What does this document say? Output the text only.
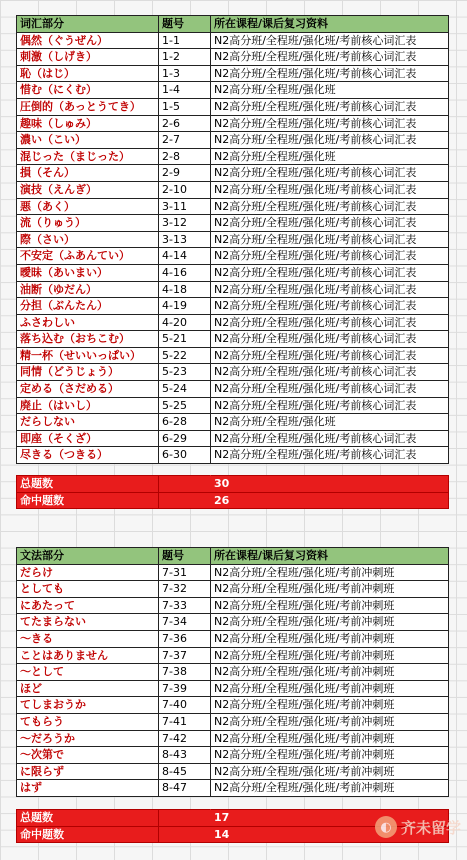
词汇部分	题号	所在课程/课后复习资料
偶然（ぐうぜん）	1-1	N2高分班/全程班/强化班/考前核心词汇表
刺激（しげき）	1-2	N2高分班/全程班/强化班/考前核心词汇表
恥（はじ）	1-3	N2高分班/全程班/强化班/考前核心词汇表
惜む（にくむ）	1-4	N2高分班/全程班/强化班
圧倒的（あっとうてき）	1-5	N2高分班/全程班/强化班/考前核心词汇表
趣味（しゅみ）	2-6	N2高分班/全程班/强化班/考前核心词汇表
濃い（こい）	2-7	N2高分班/全程班/强化班/考前核心词汇表
混じった（まじった）	2-8	N2高分班/全程班/强化班
損（そん）	2-9	N2高分班/全程班/强化班/考前核心词汇表
演技（えんぎ）	2-10	N2高分班/全程班/强化班/考前核心词汇表
悪（あく）	3-11	N2高分班/全程班/强化班/考前核心词汇表
流（りゅう）	3-12	N2高分班/全程班/强化班/考前核心词汇表
際（さい）	3-13	N2高分班/全程班/强化班/考前核心词汇表
不安定（ふあんてい）	4-14	N2高分班/全程班/强化班/考前核心词汇表
曖昧（あいまい）	4-16	N2高分班/全程班/强化班/考前核心词汇表
油断（ゆだん）	4-18	N2高分班/全程班/强化班/考前核心词汇表
分担（ぶんたん）	4-19	N2高分班/全程班/强化班/考前核心词汇表
ふさわしい	4-20	N2高分班/全程班/强化班/考前核心词汇表
落ち込む（おちこむ）	5-21	N2高分班/全程班/强化班/考前核心词汇表
精一杯（せいいっぱい）	5-22	N2高分班/全程班/强化班/考前核心词汇表
同情（どうじょう）	5-23	N2高分班/全程班/强化班/考前核心词汇表
定める（さだめる）	5-24	N2高分班/全程班/强化班/考前核心词汇表
廃止（はいし）	5-25	N2高分班/全程班/强化班/考前核心词汇表
だらしない	6-28	N2高分班/全程班/强化班
即座（そくざ）	6-29	N2高分班/全程班/强化班/考前核心词汇表
尽きる（つきる）	6-30	N2高分班/全程班/强化班/考前核心词汇表
总题数		30
命中题数		26
文法部分	题号	所在课程/课后复习资料
だらけ	7-31	N2高分班/全程班/强化班/考前冲刺班
としても	7-32	N2高分班/全程班/强化班/考前冲刺班
にあたって	7-33	N2高分班/全程班/强化班/考前冲刺班
てたまらない	7-34	N2高分班/全程班/强化班/考前冲刺班
～きる	7-36	N2高分班/全程班/强化班/考前冲刺班
ことはありません	7-37	N2高分班/全程班/强化班/考前冲刺班
～として	7-38	N2高分班/全程班/强化班/考前冲刺班
ほど	7-39	N2高分班/全程班/强化班/考前冲刺班
てしまおうか	7-40	N2高分班/全程班/强化班/考前冲刺班
てもらう	7-41	N2高分班/全程班/强化班/考前冲刺班
～だろうか	7-42	N2高分班/全程班/强化班/考前冲刺班
～次第で	8-43	N2高分班/全程班/强化班/考前冲刺班
に限らず	8-45	N2高分班/全程班/强化班/考前冲刺班
はず	8-47	N2高分班/全程班/强化班/考前冲刺班
总题数		17
命中题数		14	◐ 齐未留学
